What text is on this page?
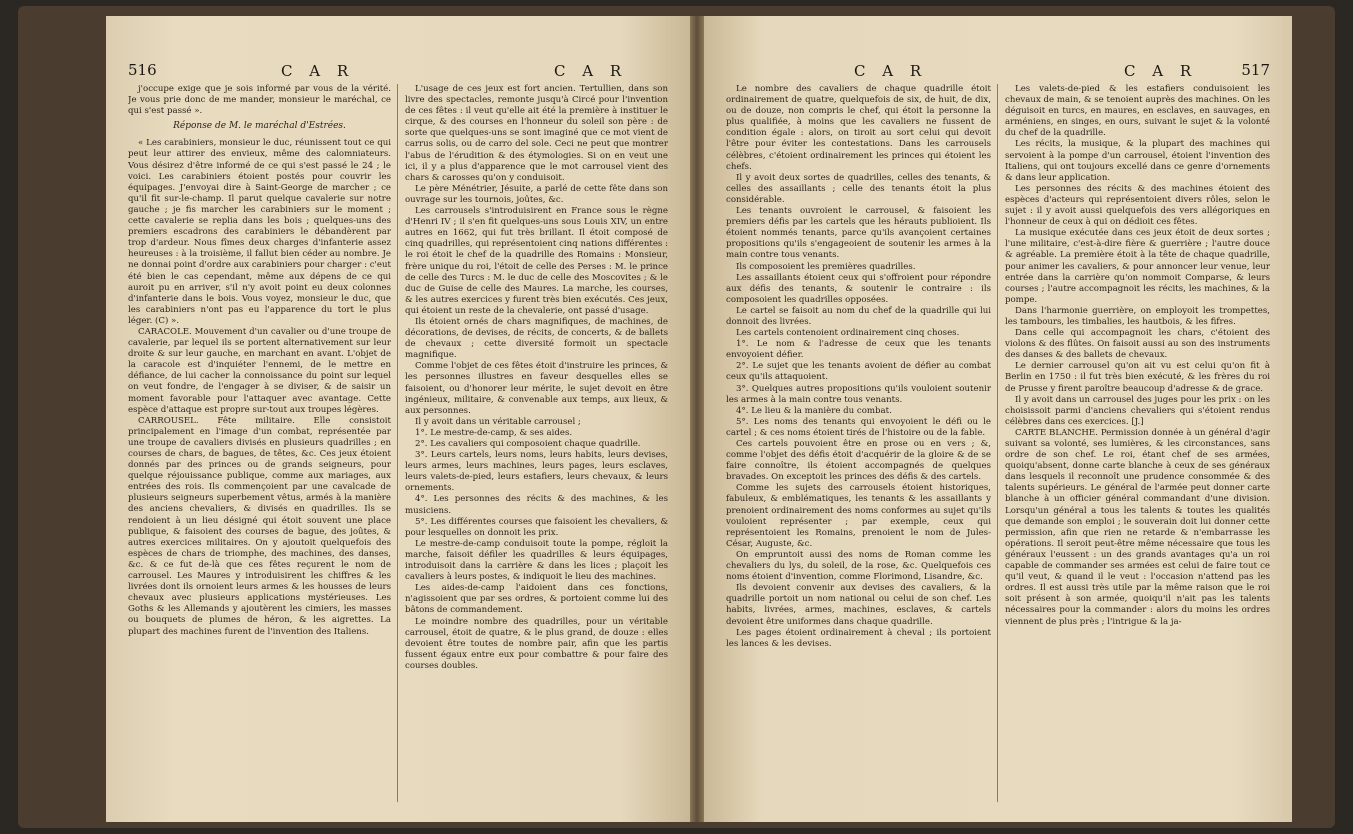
516	C A R	C A R

j'occupe exige que je sois informé par vous de la vérité. Je vous prie donc de me mander, monsieur le maréchal, ce qui s'est passé ».

Réponse de M. le maréchal d'Estrées.

« Les carabiniers, monsieur le duc, réunissent tout ce qui peut leur attirer des envieux, même des calomniateurs. Vous désirez d'être informé de ce qui s'est passé le 24 ; le voici. Les carabiniers étoient postés pour couvrir les équipages. J'envoyai dire à Saint-George de marcher ; ce qu'il fit sur-le-champ. Il parut quelque cavalerie sur notre gauche ; je fis marcher les carabiniers sur le moment ; cette cavalerie se replia dans les bois ; quelques-uns des premiers escadrons des carabiniers le débandèrent par trop d'ardeur. Nous fîmes deux charges d'infanterie assez heureuses : à la troisième, il fallut bien céder au nombre. Je ne donnai point d'ordre aux carabiniers pour charger : c'eut été bien le cas cependant, même aux dépens de ce qui auroit pu en arriver, s'il n'y avoit point eu deux colonnes d'infanterie dans le bois. Vous voyez, monsieur le duc, que les carabiniers n'ont pas eu l'apparence du tort le plus léger. (C) ».

CARACOLE. Mouvement d'un cavalier ou d'une troupe de cavalerie, par lequel ils se portent alternativement sur leur droite & sur leur gauche, en marchant en avant. L'objet de la caracole est d'inquiéter l'ennemi, de le mettre en défiance, de lui cacher la connoissance du point sur lequel on veut fondre, de l'engager à se diviser, & de saisir un moment favorable pour l'attaquer avec avantage. Cette espèce d'attaque est propre sur-tout aux troupes légères.

CARROUSEL. Fête militaire. Elle consistoit principalement en l'image d'un combat, représentée par une troupe de cavaliers divisés en plusieurs quadrilles ; en courses de chars, de bagues, de têtes, &c. Ces jeux étoient donnés par des princes ou de grands seigneurs, pour quelque réjouissance publique, comme aux mariages, aux entrées des rois. Ils commençoient par une cavalcade de plusieurs seigneurs superbement vêtus, armés à la manière des anciens chevaliers, & divisés en quadrilles. Ils se rendoient à un lieu désigné qui étoit souvent une place publique, & faisoient des courses de bague, des joûtes, & autres exercices militaires. On y ajoutoit quelquefois des espèces de chars de triomphe, des machines, des danses, &c. & ce fut de-là que ces fêtes reçurent le nom de carrousel. Les Maures y introduisirent les chiffres & les livrées dont ils ornoient leurs armes & les housses de leurs chevaux avec plusieurs applications mystérieuses. Les Goths & les Allemands y ajoutèrent les cimiers, les masses ou bouquets de plumes de héron, & les aigrettes. La plupart des machines furent de l'invention des Italiens.

L'usage de ces jeux est fort ancien. Tertullien, dans son livre des spectacles, remonte jusqu'à Circé pour l'invention de ces fêtes : il veut qu'elle ait été la première à instituer le cirque, & des courses en l'honneur du soleil son père : de sorte que quelques-uns se sont imaginé que ce mot vient de carrus solis, ou de carro del sole. Ceci ne peut que montrer l'abus de l'érudition & des étymologies. Si on en veut une ici, il y a plus d'apparence que le mot carrousel vient des chars & carosses qu'on y conduisoit.

Le père Ménétrier, Jésuite, a parlé de cette fête dans son ouvrage sur les tournois, joûtes, &c.

Les carrousels s'introduisirent en France sous le règne d'Henri IV ; il s'en fit quelques-uns sous Louis XIV, un entre autres en 1662, qui fut très brillant. Il étoit composé de cinq quadrilles, qui représentoient cinq nations différentes : le roi étoit le chef de la quadrille des Romains : Monsieur, frère unique du roi, l'étoit de celle des Perses : M. le prince de celle des Turcs : M. le duc de celle des Moscovites ; & le duc de Guise de celle des Maures. La marche, les courses, & les autres exercices y furent très bien exécutés. Ces jeux, qui étoient un reste de la chevalerie, ont passé d'usage.

Ils étoient ornés de chars magnifiques, de machines, de décorations, de devises, de récits, de concerts, & de ballets de chevaux ; cette diversité formoit un spectacle magnifique.

Comme l'objet de ces fêtes étoit d'instruire les princes, & les personnes illustres en faveur desquelles elles se faisoient, ou d'honorer leur mérite, le sujet devoit en être ingénieux, militaire, & convenable aux temps, aux lieux, & aux personnes.

Il y avoit dans un véritable carrousel ;

1°. Le mestre-de-camp, & ses aides.

2°. Les cavaliers qui composoient chaque quadrille.

3°. Leurs cartels, leurs noms, leurs habits, leurs devises, leurs armes, leurs machines, leurs pages, leurs esclaves, leurs valets-de-pied, leurs estafiers, leurs chevaux, & leurs ornements.

4°. Les personnes des récits & des machines, & les musiciens.

5°. Les différentes courses que faisoient les chevaliers, & pour lesquelles on donnoit les prix.

Le mestre-de-camp conduisoit toute la pompe, régloit la marche, faisoit défiler les quadrilles & leurs équipages, introduisoit dans la carrière & dans les lices ; plaçoit les cavaliers à leurs postes, & indiquoit le lieu des machines.

Les aides-de-camp l'aidoient dans ces fonctions, n'agissoient que par ses ordres, & portoient comme lui des bâtons de commandement.

Le moindre nombre des quadrilles, pour un véritable carrousel, étoit de quatre, & le plus grand, de douze : elles devoient être toutes de nombre pair, afin que les partis fussent égaux entre eux pour combattre & pour faire des courses doubles.

C A R	C A R	517

Le nombre des cavaliers de chaque quadrille étoit ordinairement de quatre, quelquefois de six, de huit, de dix, ou de douze, non compris le chef, qui étoit la personne la plus qualifiée, à moins que les cavaliers ne fussent de condition égale : alors, on tiroit au sort celui qui devoit l'être pour éviter les contestations. Dans les carrousels célèbres, c'étoient ordinairement les princes qui étoient les chefs.

Il y avoit deux sortes de quadrilles, celles des tenants, & celles des assaillants ; celle des tenants étoit la plus considérable.

Les tenants ouvroient le carrousel, & faisoient les premiers défis par les cartels que les hérauts publioient. Ils étoient nommés tenants, parce qu'ils avançoient certaines propositions qu'ils s'engageoient de soutenir les armes à la main contre tous venants.

Ils composoient les premières quadrilles.

Les assaillants étoient ceux qui s'offroient pour répondre aux défis des tenants, & soutenir le contraire : ils composoient les quadrilles opposées.

Le cartel se faisoit au nom du chef de la quadrille qui lui donnoit des livrées.

Les cartels contenoient ordinairement cinq choses.

1°. Le nom & l'adresse de ceux que les tenants envoyoient défier.

2°. Le sujet que les tenants avoient de défier au combat ceux qu'ils attaquoient.

3°. Quelques autres propositions qu'ils vouloient soutenir les armes à la main contre tous venants.

4°. Le lieu & la manière du combat.

5°. Les noms des tenants qui envoyoient le défi ou le cartel ; & ces noms étoient tirés de l'histoire ou de la fable.

Ces cartels pouvoient être en prose ou en vers ; &, comme l'objet des défis étoit d'acquérir de la gloire & de se faire connoître, ils étoient accompagnés de quelques bravades. On exceptoit les princes des défis & des cartels.

Comme les sujets des carrousels étoient historiques, fabuleux, & emblématiques, les tenants & les assaillants y prenoient ordinairement des noms conformes au sujet qu'ils vouloient représenter ; par exemple, ceux qui représentoient les Romains, prenoient le nom de Jules-César, Auguste, &c.

On empruntoit aussi des noms de Roman comme les chevaliers du lys, du soleil, de la rose, &c. Quelquefois ces noms étoient d'invention, comme Florimond, Lisandre, &c.

Ils devoient convenir aux devises des cavaliers, & la quadrille portoit un nom national ou celui de son chef. Les habits, livrées, armes, machines, esclaves, & cartels devoient être uniformes dans chaque quadrille.

Les pages étoient ordinairement à cheval ; ils portoient les lances & les devises.

Les valets-de-pied & les estafiers conduisoient les chevaux de main, & se tenoient auprès des machines. On les déguisoit en turcs, en maures, en esclaves, en sauvages, en arméniens, en singes, en ours, suivant le sujet & la volonté du chef de la quadrille.

Les récits, la musique, & la plupart des machines qui servoient à la pompe d'un carrousel, étoient l'invention des Italiens, qui ont toujours excellé dans ce genre d'ornements & dans leur application.

Les personnes des récits & des machines étoient des espèces d'acteurs qui représentoient divers rôles, selon le sujet : il y avoit aussi quelquefois des vers allégoriques en l'honneur de ceux à qui on dédioit ces fêtes.

La musique exécutée dans ces jeux étoit de deux sortes ; l'une militaire, c'est-à-dire fière & guerrière ; l'autre douce & agréable. La première étoit à la tête de chaque quadrille, pour animer les cavaliers, & pour annoncer leur venue, leur entrée dans la carrière qu'on nommoit Comparse, & leurs courses ; l'autre accompagnoit les récits, les machines, & la pompe.

Dans l'harmonie guerrière, on employoit les trompettes, les tambours, les timbalies, les hautbois, & les fifres.

Dans celle qui accompagnoit les chars, c'étoient des violons & des flûtes. On faisoit aussi au son des instruments des danses & des ballets de chevaux.

Le dernier carrousel qu'on ait vu est celui qu'on fit à Berlin en 1750 : il fut très bien exécuté, & les frères du roi de Prusse y firent paroître beaucoup d'adresse & de grace.

Il y avoit dans un carrousel des juges pour les prix : on les choisissoit parmi d'anciens chevaliers qui s'étoient rendus célèbres dans ces exercices. [J.]

CARTE BLANCHE. Permission donnée à un général d'agir suivant sa volonté, ses lumières, & les circonstances, sans ordre de son chef. Le roi, étant chef de ses armées, quoiqu'absent, donne carte blanche à ceux de ses généraux dans lesquels il reconnoît une prudence consommée & des talents supérieurs. Le général de l'armée peut donner carte blanche à un officier général commandant d'une division. Lorsqu'un général a tous les talents & toutes les qualités que demande son emploi ; le souverain doit lui donner cette permission, afin que rien ne retarde & n'embarrasse les opérations. Il seroit peut-être même nécessaire que tous les généraux l'eussent : un des grands avantages qu'a un roi capable de commander ses armées est celui de faire tout ce qu'il veut, & quand il le veut : l'occasion n'attend pas les ordres. Il est aussi très utile par la même raison que le roi soit présent à son armée, quoiqu'il n'ait pas les talents nécessaires pour la commander : alors du moins les ordres viennent de plus près ; l'intrigue & la ja-
